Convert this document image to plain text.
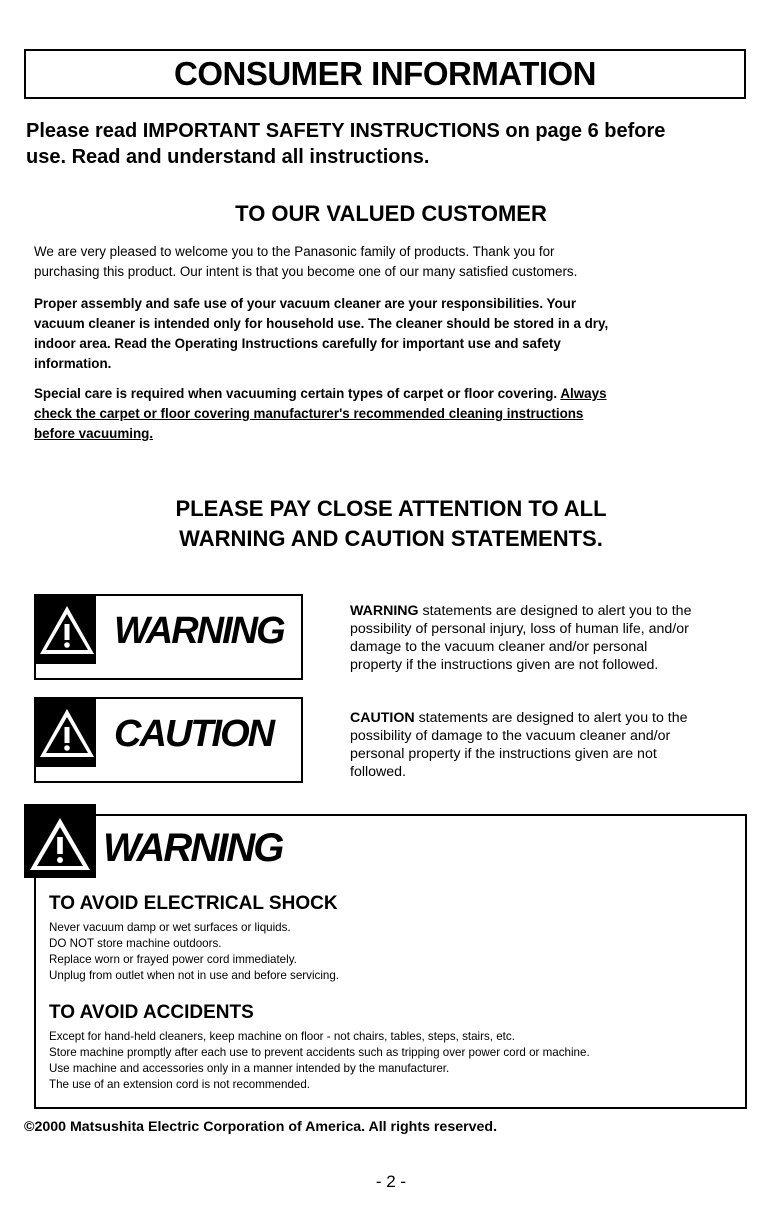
CONSUMER INFORMATION
Please read IMPORTANT SAFETY INSTRUCTIONS on page 6 before
use. Read and understand all instructions.
TO OUR VALUED CUSTOMER
We are very pleased to welcome you to the Panasonic family of products. Thank you for
purchasing this product. Our intent is that you become one of our many satisfied customers.
Proper assembly and safe use of your vacuum cleaner are your responsibilities. Your
vacuum cleaner is intended only for household use. The cleaner should be stored in a dry,
indoor area. Read the Operating Instructions carefully for important use and safety
information.
Special care is required when vacuuming certain types of carpet or floor covering. Always
check the carpet or floor covering manufacturer's recommended cleaning instructions
before vacuuming.
PLEASE PAY CLOSE ATTENTION TO ALL
WARNING AND CAUTION STATEMENTS.
WARNING	WARNING statements are designed to alert you to the
possibility of personal injury, loss of human life, and/or
damage to the vacuum cleaner and/or personal
property if the instructions given are not followed.
CAUTION	CAUTION statements are designed to alert you to the
possibility of damage to the vacuum cleaner and/or
personal property if the instructions given are not
followed.
WARNING
TO AVOID ELECTRICAL SHOCK
Never vacuum damp or wet surfaces or liquids.
DO NOT store machine outdoors.
Replace worn or frayed power cord immediately.
Unplug from outlet when not in use and before servicing.
TO AVOID ACCIDENTS
Except for hand-held cleaners, keep machine on floor - not chairs, tables, steps, stairs, etc.
Store machine promptly after each use to prevent accidents such as tripping over power cord or machine.
Use machine and accessories only in a manner intended by the manufacturer.
The use of an extension cord is not recommended.
©2000 Matsushita Electric Corporation of America. All rights reserved.
- 2 -
